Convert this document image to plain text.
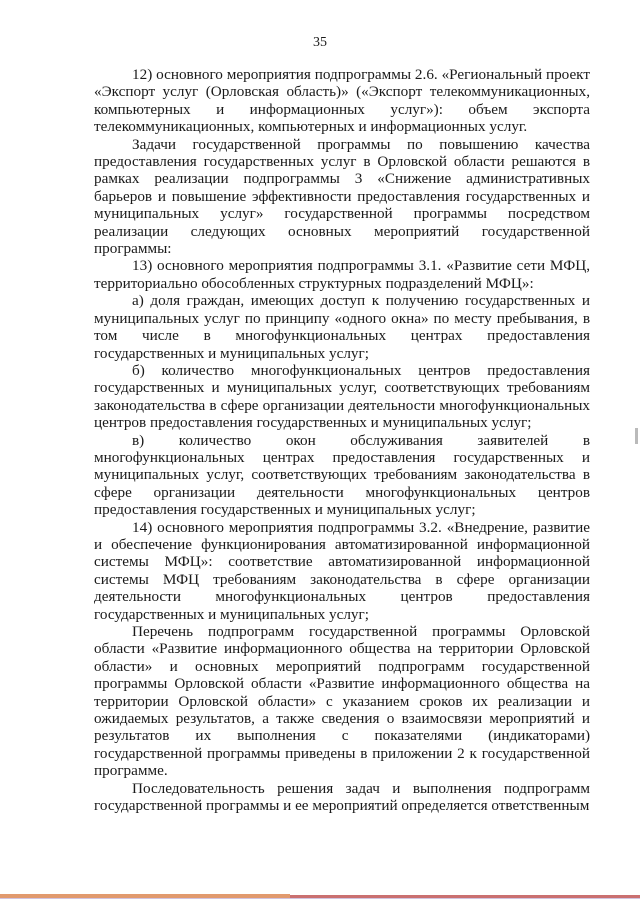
35

12) основного мероприятия подпрограммы 2.6. «Региональный проект «Экспорт услуг (Орловская область)» («Экспорт телекоммуникационных, компьютерных и информационных услуг»): объем экспорта телекоммуникационных, компьютерных и информационных услуг.

Задачи государственной программы по повышению качества предоставления государственных услуг в Орловской области решаются в рамках реализации подпрограммы 3 «Снижение административных барьеров и повышение эффективности предоставления государственных и муниципальных услуг» государственной программы посредством реализации следующих основных мероприятий государственной программы:

13) основного мероприятия подпрограммы 3.1. «Развитие сети МФЦ, территориально обособленных структурных подразделений МФЦ»:

а) доля граждан, имеющих доступ к получению государственных и муниципальных услуг по принципу «одного окна» по месту пребывания, в том числе в многофункциональных центрах предоставления государственных и муниципальных услуг;

б) количество многофункциональных центров предоставления государственных и муниципальных услуг, соответствующих требованиям законодательства в сфере организации деятельности многофункциональных центров предоставления государственных и муниципальных услуг;

в) количество окон обслуживания заявителей в многофункциональных центрах предоставления государственных и муниципальных услуг, соответствующих требованиям законодательства в сфере организации деятельности многофункциональных центров предоставления государственных и муниципальных услуг;

14) основного мероприятия подпрограммы 3.2. «Внедрение, развитие и обеспечение функционирования автоматизированной информационной системы МФЦ»: соответствие автоматизированной информационной системы МФЦ требованиям законодательства в сфере организации деятельности многофункциональных центров предоставления государственных и муниципальных услуг;

Перечень подпрограмм государственной программы Орловской области «Развитие информационного общества на территории Орловской области» и основных мероприятий подпрограмм государственной программы Орловской области «Развитие информационного общества на территории Орловской области» с указанием сроков их реализации и ожидаемых результатов, а также сведения о взаимосвязи мероприятий и результатов их выполнения с показателями (индикаторами) государственной программы приведены в приложении 2 к государственной программе.

Последовательность решения задач и выполнения подпрограмм государственной программы и ее мероприятий определяется ответственным
